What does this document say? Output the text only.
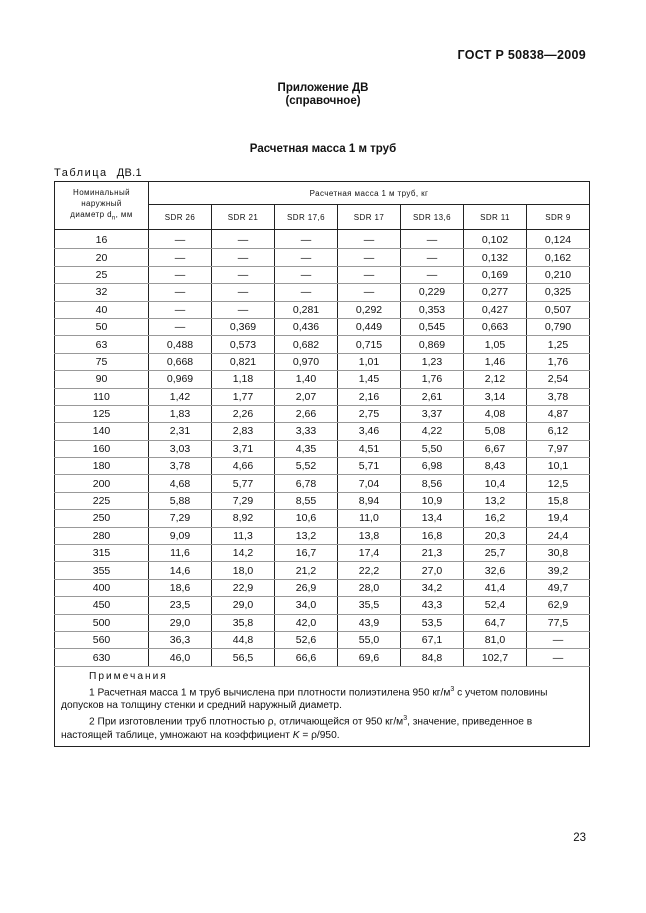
ГОСТ Р 50838—2009
Приложение ДВ
(справочное)
Расчетная масса 1 м труб
Таблица ДВ.1
Номинальный
наружный
диаметр $d_n$, мм	Расчетная масса 1 м труб, кг						
	SDR 26	SDR 21	SDR 17,6	SDR 17	SDR 13,6	SDR 11	SDR 9
16	—	—	—	—	—	0,102	0,124
20	—	—	—	—	—	0,132	0,162
25	—	—	—	—	—	0,169	0,210
32	—	—	—	—	0,229	0,277	0,325
40	—	—	0,281	0,292	0,353	0,427	0,507
50	—	0,369	0,436	0,449	0,545	0,663	0,790
63	0,488	0,573	0,682	0,715	0,869	1,05	1,25
75	0,668	0,821	0,970	1,01	1,23	1,46	1,76
90	0,969	1,18	1,40	1,45	1,76	2,12	2,54
110	1,42	1,77	2,07	2,16	2,61	3,14	3,78
125	1,83	2,26	2,66	2,75	3,37	4,08	4,87
140	2,31	2,83	3,33	3,46	4,22	5,08	6,12
160	3,03	3,71	4,35	4,51	5,50	6,67	7,97
180	3,78	4,66	5,52	5,71	6,98	8,43	10,1
200	4,68	5,77	6,78	7,04	8,56	10,4	12,5
225	5,88	7,29	8,55	8,94	10,9	13,2	15,8
250	7,29	8,92	10,6	11,0	13,4	16,2	19,4
280	9,09	11,3	13,2	13,8	16,8	20,3	24,4
315	11,6	14,2	16,7	17,4	21,3	25,7	30,8
355	14,6	18,0	21,2	22,2	27,0	32,6	39,2
400	18,6	22,9	26,9	28,0	34,2	41,4	49,7
450	23,5	29,0	34,0	35,5	43,3	52,4	62,9
500	29,0	35,8	42,0	43,9	53,5	64,7	77,5
560	36,3	44,8	52,6	55,0	67,1	81,0	—
630	46,0	56,5	66,6	69,6	84,8	102,7	—

Примечания
1 Расчетная масса 1 м труб вычислена при плотности полиэтилена 950 $кг/м^3$ с учетом половины допусков на толщину стенки и средний наружный диаметр.
2 При изготовлении труб плотностью ρ, отличающейся от 950 $кг/м^3$, значение, приведенное в настоящей таблице, умножают на коэффициент K = ρ/950.							
23
